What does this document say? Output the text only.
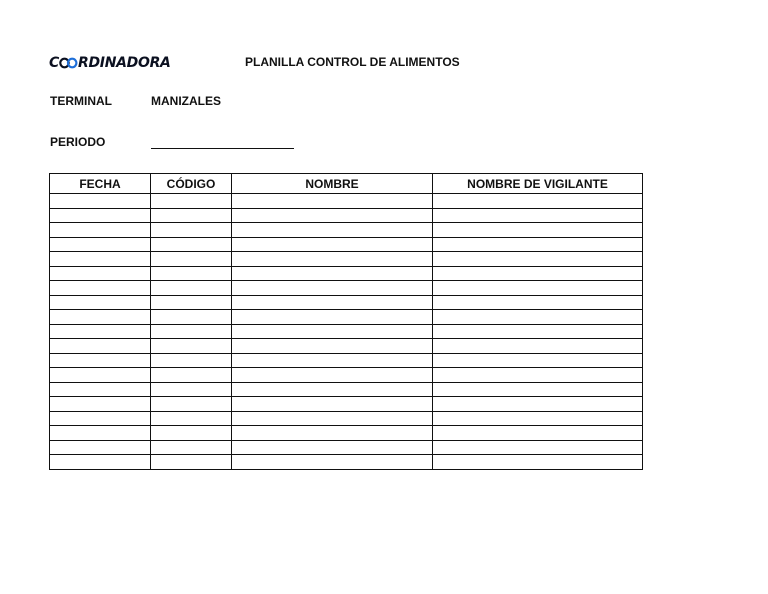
C RDINADORA	PLANILLA CONTROL DE ALIMENTOS
TERMINAL	MANIZALES
PERIODO
FECHA	CÓDIGO	NOMBRE	NOMBRE DE VIGILANTE
